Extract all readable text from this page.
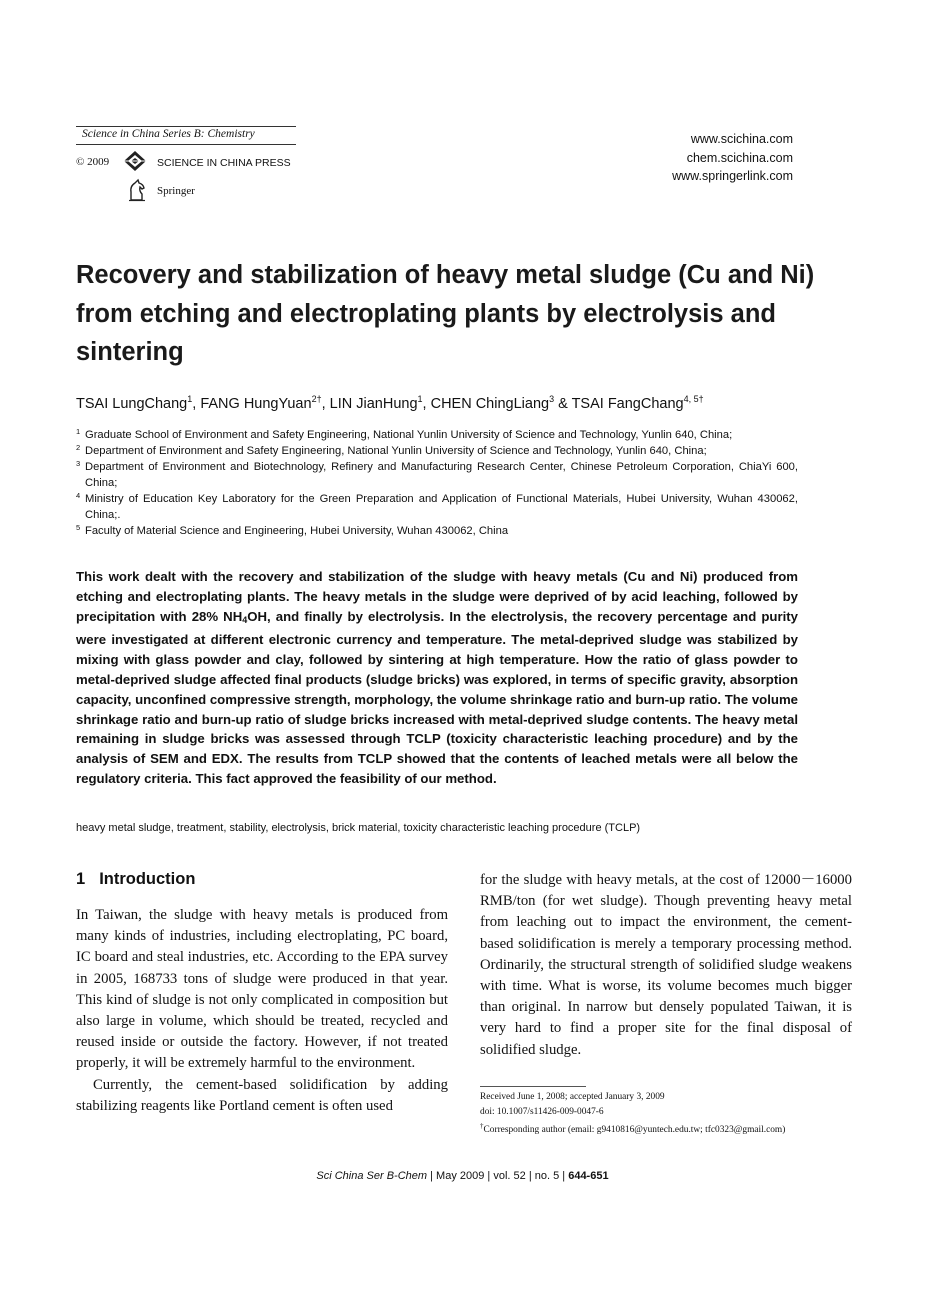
Science in China Series B: Chemistry
© 2009	SCIENCE IN CHINA PRESS
Springer
www.scichina.com
chem.scichina.com
www.springerlink.com
Recovery and stabilization of heavy metal sludge (Cu and Ni) from etching and electroplating plants by electrolysis and sintering
TSAI LungChang$^1$, FANG HungYuan$^{2\dagger}$, LIN JianHung$^1$, CHEN ChingLiang$^3$ & TSAI FangChang$^{4, 5\dagger}$
1 Graduate School of Environment and Safety Engineering, National Yunlin University of Science and Technology, Yunlin 640, China;
2 Department of Environment and Safety Engineering, National Yunlin University of Science and Technology, Yunlin 640, China;
3 Department of Environment and Biotechnology, Refinery and Manufacturing Research Center, Chinese Petroleum Corporation, ChiaYi 600, China;
4 Ministry of Education Key Laboratory for the Green Preparation and Application of Functional Materials, Hubei University, Wuhan 430062, China;.
5 Faculty of Material Science and Engineering, Hubei University, Wuhan 430062, China
This work dealt with the recovery and stabilization of the sludge with heavy metals (Cu and Ni) produced from etching and electroplating plants. The heavy metals in the sludge were deprived of by acid leaching, followed by precipitation with 28% $NH_4OH$, and finally by electrolysis. In the electrolysis, the recovery percentage and purity were investigated at different electronic currency and temperature. The metal-deprived sludge was stabilized by mixing with glass powder and clay, followed by sintering at high temperature. How the ratio of glass powder to metal-deprived sludge affected final products (sludge bricks) was explored, in terms of specific gravity, absorption capacity, unconfined compressive strength, morphology, the volume shrinkage ratio and burn-up ratio. The volume shrinkage ratio and burn-up ratio of sludge bricks increased with metal-deprived sludge contents. The heavy metal remaining in sludge bricks was assessed through TCLP (toxicity characteristic leaching procedure) and by the analysis of SEM and EDX. The results from TCLP showed that the contents of leached metals were all below the regulatory criteria. This fact approved the feasibility of our method.
heavy metal sludge, treatment, stability, electrolysis, brick material, toxicity characteristic leaching procedure (TCLP)
1 Introduction

In Taiwan, the sludge with heavy metals is produced from many kinds of industries, including electroplating, PC board, IC board and steal industries, etc. According to the EPA survey in 2005, 168733 tons of sludge were produced in that year. This kind of sludge is not only complicated in composition but also large in volume, which should be treated, recycled and reused inside or outside the factory. However, if not treated properly, it will be extremely harmful to the environment.

Currently, the cement-based solidification by adding stabilizing reagents like Portland cement is often used

for the sludge with heavy metals, at the cost of 12000－16000 RMB/ton (for wet sludge). Though preventing heavy metal from leaching out to impact the environment, the cement-based solidification is merely a temporary processing method. Ordinarily, the structural strength of solidified sludge weakens with time. What is worse, its volume becomes much bigger than original. In narrow but densely populated Taiwan, it is very hard to find a proper site for the final disposal of solidified sludge.

Received June 1, 2008; accepted January 3, 2009
doi: 10.1007/s11426-009-0047-6
†Corresponding author (email: g9410816@yuntech.edu.tw; tfc0323@gmail.com)
Sci China Ser B-Chem | May 2009 | vol. 52 | no. 5 | 644-651
